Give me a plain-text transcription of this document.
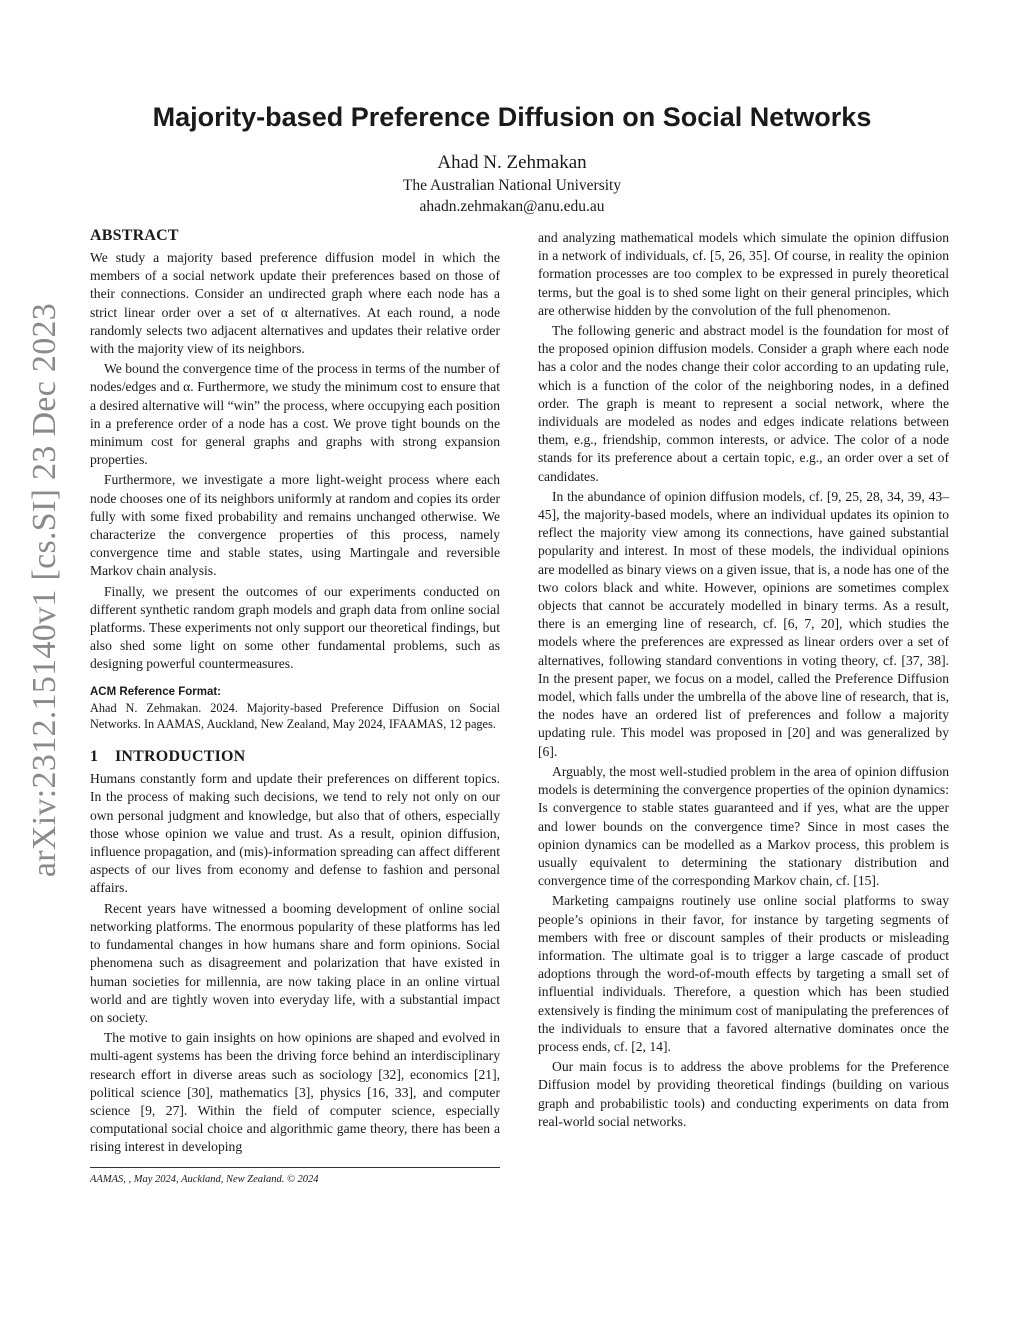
arXiv:2312.15140v1 [cs.SI] 23 Dec 2023
Majority-based Preference Diffusion on Social Networks
Ahad N. Zehmakan
The Australian National University
ahadn.zehmakan@anu.edu.au
ABSTRACT

We study a majority based preference diffusion model in which the members of a social network update their preferences based on those of their connections. Consider an undirected graph where each node has a strict linear order over a set of α alternatives. At each round, a node randomly selects two adjacent alternatives and updates their relative order with the majority view of its neighbors.

We bound the convergence time of the process in terms of the number of nodes/edges and α. Furthermore, we study the minimum cost to ensure that a desired alternative will “win” the process, where occupying each position in a preference order of a node has a cost. We prove tight bounds on the minimum cost for general graphs and graphs with strong expansion properties.

Furthermore, we investigate a more light-weight process where each node chooses one of its neighbors uniformly at random and copies its order fully with some fixed probability and remains unchanged otherwise. We characterize the convergence properties of this process, namely convergence time and stable states, using Martingale and reversible Markov chain analysis.

Finally, we present the outcomes of our experiments conducted on different synthetic random graph models and graph data from online social platforms. These experiments not only support our theoretical findings, but also shed some light on some other fundamental problems, such as designing powerful countermeasures.

ACM Reference Format:
Ahad N. Zehmakan. 2024. Majority-based Preference Diffusion on Social Networks. In AAMAS, Auckland, New Zealand, May 2024, IFAAMAS, 12 pages.
1 INTRODUCTION

Humans constantly form and update their preferences on different topics. In the process of making such decisions, we tend to rely not only on our own personal judgment and knowledge, but also that of others, especially those whose opinion we value and trust. As a result, opinion diffusion, influence propagation, and (mis)-information spreading can affect different aspects of our lives from economy and defense to fashion and personal affairs.

Recent years have witnessed a booming development of online social networking platforms. The enormous popularity of these platforms has led to fundamental changes in how humans share and form opinions. Social phenomena such as disagreement and polarization that have existed in human societies for millennia, are now taking place in an online virtual world and are tightly woven into everyday life, with a substantial impact on society.

The motive to gain insights on how opinions are shaped and evolved in multi-agent systems has been the driving force behind an interdisciplinary research effort in diverse areas such as sociology [32], economics [21], political science [30], mathematics [3], physics [16, 33], and computer science [9, 27]. Within the field of computer science, especially computational social choice and algorithmic game theory, there has been a rising interest in developing

and analyzing mathematical models which simulate the opinion diffusion in a network of individuals, cf. [5, 26, 35]. Of course, in reality the opinion formation processes are too complex to be expressed in purely theoretical terms, but the goal is to shed some light on their general principles, which are otherwise hidden by the convolution of the full phenomenon.

The following generic and abstract model is the foundation for most of the proposed opinion diffusion models. Consider a graph where each node has a color and the nodes change their color according to an updating rule, which is a function of the color of the neighboring nodes, in a defined order. The graph is meant to represent a social network, where the individuals are modeled as nodes and edges indicate relations between them, e.g., friendship, common interests, or advice. The color of a node stands for its preference about a certain topic, e.g., an order over a set of candidates.

In the abundance of opinion diffusion models, cf. [9, 25, 28, 34, 39, 43–45], the majority-based models, where an individual updates its opinion to reflect the majority view among its connections, have gained substantial popularity and interest. In most of these models, the individual opinions are modelled as binary views on a given issue, that is, a node has one of the two colors black and white. However, opinions are sometimes complex objects that cannot be accurately modelled in binary terms. As a result, there is an emerging line of research, cf. [6, 7, 20], which studies the models where the preferences are expressed as linear orders over a set of alternatives, following standard conventions in voting theory, cf. [37, 38]. In the present paper, we focus on a model, called the Preference Diffusion model, which falls under the umbrella of the above line of research, that is, the nodes have an ordered list of preferences and follow a majority updating rule. This model was proposed in [20] and was generalized by [6].

Arguably, the most well-studied problem in the area of opinion diffusion models is determining the convergence properties of the opinion dynamics: Is convergence to stable states guaranteed and if yes, what are the upper and lower bounds on the convergence time? Since in most cases the opinion dynamics can be modelled as a Markov process, this problem is usually equivalent to determining the stationary distribution and convergence time of the corresponding Markov chain, cf. [15].

Marketing campaigns routinely use online social platforms to sway people’s opinions in their favor, for instance by targeting segments of members with free or discount samples of their products or misleading information. The ultimate goal is to trigger a large cascade of product adoptions through the word-of-mouth effects by targeting a small set of influential individuals. Therefore, a question which has been studied extensively is finding the minimum cost of manipulating the preferences of the individuals to ensure that a favored alternative dominates once the process ends, cf. [2, 14].

Our main focus is to address the above problems for the Preference Diffusion model by providing theoretical findings (building on various graph and probabilistic tools) and conducting experiments on data from real-world social networks.

AAMAS, , May 2024, Auckland, New Zealand. © 2024
